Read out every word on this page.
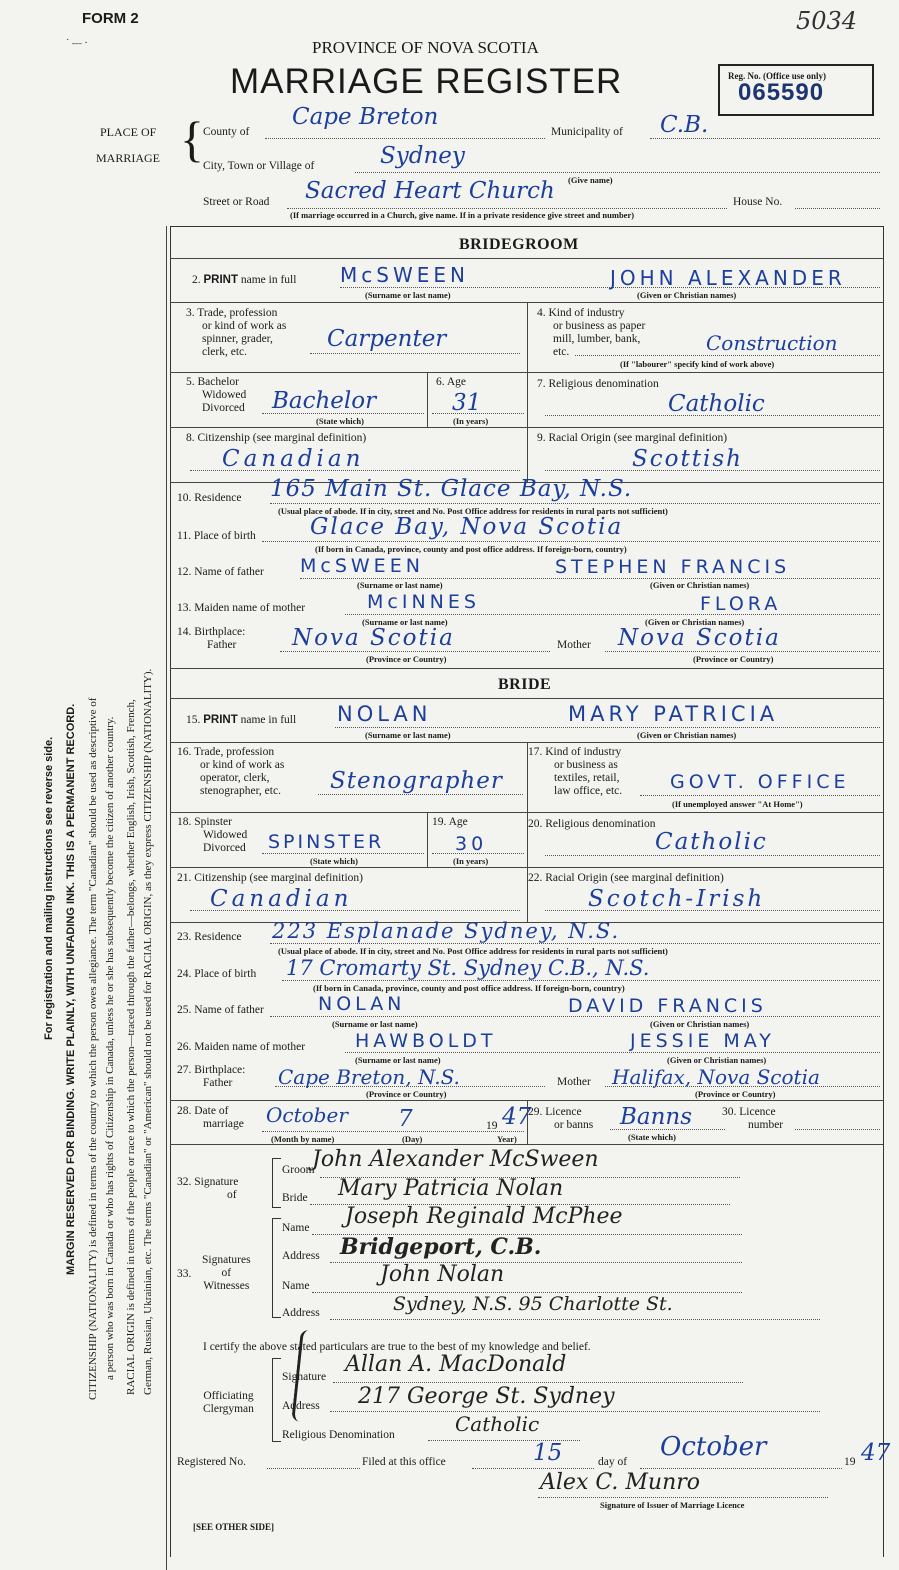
FORM 2
˙ ˗˗˗ ·
5034
PROVINCE OF NOVA SCOTIA
MARRIAGE REGISTER	Reg. No. (Office use only)
065590
PLACE OF
MARRIAGE { County of
Cape Breton
Municipality of C.B.
City, Town or Village of	Sydney
(Give name)
Street or Road Sacred Heart Church	House No.
(If marriage occurred in a Church, give name. If in a private residence give street and number)
For registration and mailing instructions see reverse side. MARGIN RESERVED FOR BINDING. WRITE PLAINLY, WITH UNFADING INK. THIS IS A PERMANENT RECORD. CITIZENSHIP (NATIONALITY) is defined in terms of the country to which the person owes allegiance. The term "Canadian" should be used as descriptive of a person who was born in Canada or who has rights of Citizenship in Canada, unless he or she has subsequently become the citizen of another country. RACIAL ORIGIN is defined in terms of the people or race to which the person—traced through the father—belongs, whether English, Irish, Scottish, French, German, Russian, Ukrainian, etc. The terms "Canadian" or "American" should not be used for RACIAL ORIGIN, as they express CITIZENSHIP (NATIONALITY).
BRIDEGROOM
2. PRINT name in full McSWEEN	JOHN ALEXANDER
(Surname or last name)	(Given or Christian names)
3. Trade, profession
or kind of work as
spinner, grader,
clerk, etc.	Carpenter
4. Kind of industry
or business as paper
mill, lumber, bank,
etc.	Construction
(If "labourer" specify kind of work above)
5. Bachelor
Widowed
Divorced Bachelor
(State which)
6. Age
31
(In years)
7. Religious denomination
Catholic
8. Citizenship (see marginal definition)
Canadian
9. Racial Origin (see marginal definition)
Scottish
10. Residence 165 Main St. Glace Bay, N.S.
(Usual place of abode. If in city, street and No. Post Office address for residents in rural parts not sufficient)
11. Place of birth Glace Bay, Nova Scotia
(If born in Canada, province, county and post office address. If foreign-born, country)
12. Name of father McSWEEN	STEPHEN FRANCIS
(Surname or last name)	(Given or Christian names)
13. Maiden name of mother	McINNES	FLORA
(Surname or last name)	(Given or Christian names)
14. Birthplace:
Father	Nova Scotia	Mother Nova Scotia
(Province or Country)	(Province or Country)
BRIDE
15. PRINT name in full NOLAN	MARY PATRICIA
(Surname or last name)	(Given or Christian names)
16. Trade, profession
or kind of work as
operator, clerk,
stenographer, etc. Stenographer
17. Kind of industry
or business as
textiles, retail,
law office, etc.	GOVT. OFFICE
(If unemployed answer "At Home")
18. Spinster
Widowed
Divorced SPINSTER
(State which)
19. Age
30
(In years)
20. Religious denomination
Catholic
21. Citizenship (see marginal definition)
Canadian
22. Racial Origin (see marginal definition)
Scotch-Irish
23. Residence 223 Esplanade Sydney, N.S.
(Usual place of abode. If in city, street and No. Post Office address for residents in rural parts not sufficient)
24. Place of birth 17 Cromarty St. Sydney C.B., N.S.
(If born in Canada, province, county and post office address. If foreign-born, country)
25. Name of father	NOLAN	DAVID FRANCIS
(Surname or last name)	(Given or Christian names)
26. Maiden name of mother	HAWBOLDT	JESSIE MAY
(Surname or last name)	(Given or Christian names)
27. Birthplace:
Father	Cape Breton, N.S.	Mother Halifax, Nova Scotia
(Province or Country)	(Province or Country)
28. Date of
marriage October 7	19 47
(Month by name)	(Day)	Year)
29. Licence
or banns Banns
(State which)
30. Licence
number
32. Signature
of
Groom
John Alexander McSween
Bride Mary Patricia Nolan
Signatures
of
Witnesses
33.
Name Joseph Reginald McPhee
Address Bridgeport, C.B.
Name	John Nolan
Address	Sydney, N.S. 95 Charlotte St.
I certify the above stated particulars are true to the best of my knowledge and belief.
Officiating
Clergyman
Signature Allan A. MacDonald
Address 217 George St. Sydney
Religious Denomination	Catholic
Registered No.	Filed at this office	15	day of October	19 47
Alex C. Munro
Signature of Issuer of Marriage Licence
[SEE OTHER SIDE]
